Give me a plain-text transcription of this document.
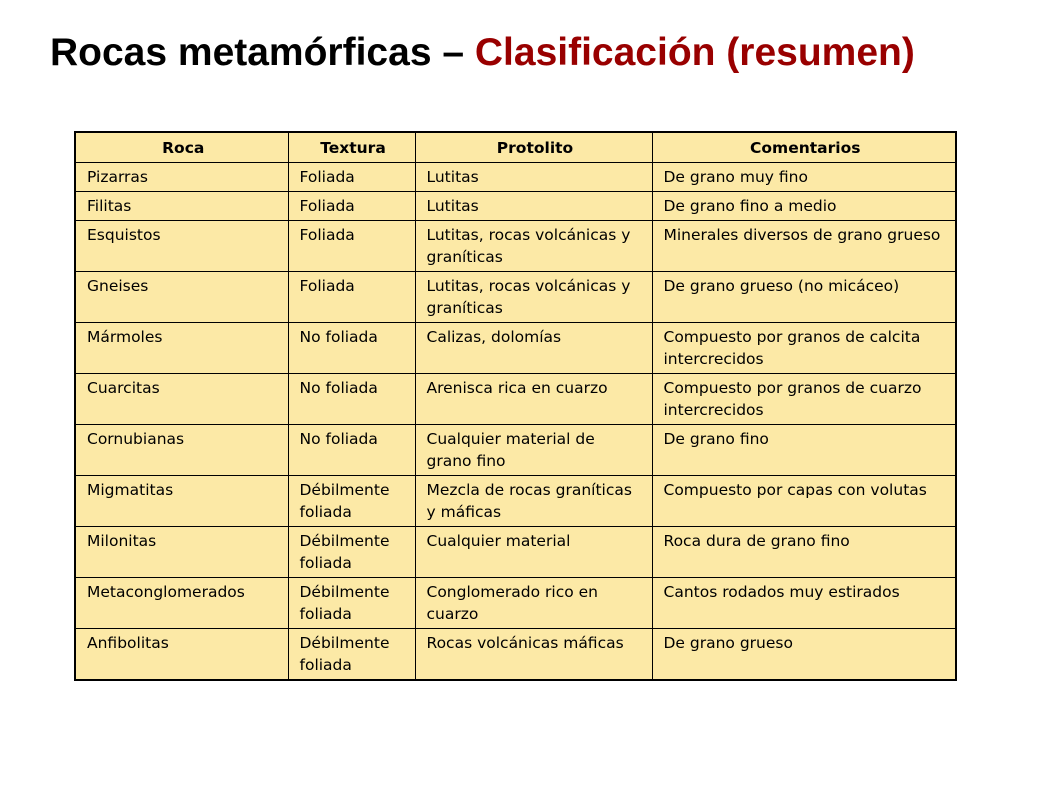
Rocas metamórficas – Clasificación (resumen)
Roca	Textura	Protolito	Comentarios
Pizarras	Foliada	Lutitas	De grano muy fino
Filitas	Foliada	Lutitas	De grano fino a medio
Esquistos	Foliada	Lutitas, rocas volcánicas y graníticas	Minerales diversos de grano grueso
Gneises	Foliada	Lutitas, rocas volcánicas y graníticas	De grano grueso (no micáceo)
Mármoles	No foliada	Calizas, dolomías	Compuesto por granos de calcita intercrecidos
Cuarcitas	No foliada	Arenisca rica en cuarzo	Compuesto por granos de cuarzo intercrecidos
Cornubianas	No foliada	Cualquier material de grano fino	De grano fino
Migmatitas	Débilmente foliada	Mezcla de rocas graníticas y máficas	Compuesto por capas con volutas
Milonitas	Débilmente foliada	Cualquier material	Roca dura de grano fino
Metaconglomerados	Débilmente foliada	Conglomerado rico en cuarzo	Cantos rodados muy estirados
Anfibolitas	Débilmente foliada	Rocas volcánicas máficas	De grano grueso
